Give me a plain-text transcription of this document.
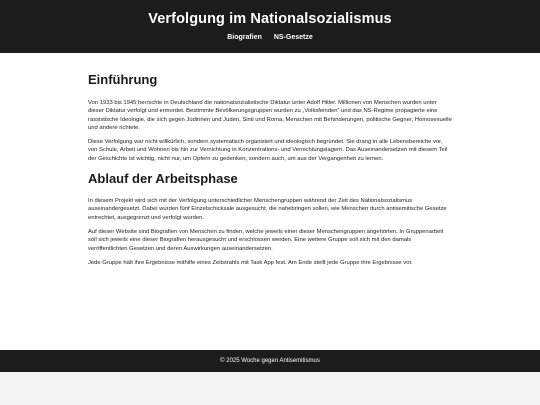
Verfolgung im Nationalsozialismus
Biografien NS-Gesetze
Einführung

Von 1933 bis 1945 herrschte in Deutschland die nationalsozialistische Diktatur unter Adolf Hitler. Millionen von Menschen wurden unter dieser Diktatur verfolgt und ermordet. Bestimmte Bevölkerungsgruppen wurden zu „Volksfeinden“ und das NS-Regime propagierte eine rassistische Ideologie, die sich gegen Jüdinnen und Juden, Sinti und Roma, Menschen mit Behinderungen, politische Gegner, Homosexuelle und andere richtete.

Diese Verfolgung war nicht willkürlich, sondern systematisch organisiert und ideologisch begründet. Sie drang in alle Lebensbereiche vor, von Schule, Arbeit und Wohnen bis hin zur Vernichtung in Konzentrations- und Vernichtungslagern. Das Auseinandersetzen mit diesem Teil der Geschichte ist wichtig, nicht nur, um Opfern zu gedenken, sondern auch, um aus der Vergangenheit zu lernen.

Ablauf der Arbeitsphase

In diesem Projekt wird sich mit der Verfolgung unterschiedlicher Menschengruppen während der Zeit des Nationalsozialismus auseinandergesetzt. Dabei wurden fünf Einzelschicksale ausgesucht, die nahebringen sollen, wie Menschen durch antisemitische Gesetze entrechtet, ausgegrenzt und verfolgt wurden.

Auf dieser Website sind Biografien von Menschen zu finden, welche jeweils einer dieser Menschengruppen angehörten. In Gruppenarbeit soll sich jeweils eine dieser Biografien herausgesucht und erschlossen werden. Eine weitere Gruppe soll sich mit den damals veröffentlichten Gesetzen und deren Auswirkungen auseinandersetzen.

Jede Gruppe hält ihre Ergebnisse mithilfe eines Zeitstrahls mit Task App fest. Am Ende stellt jede Gruppe ihre Ergebnisse vor.

© 2025 Woche gegen Antisemitismus
